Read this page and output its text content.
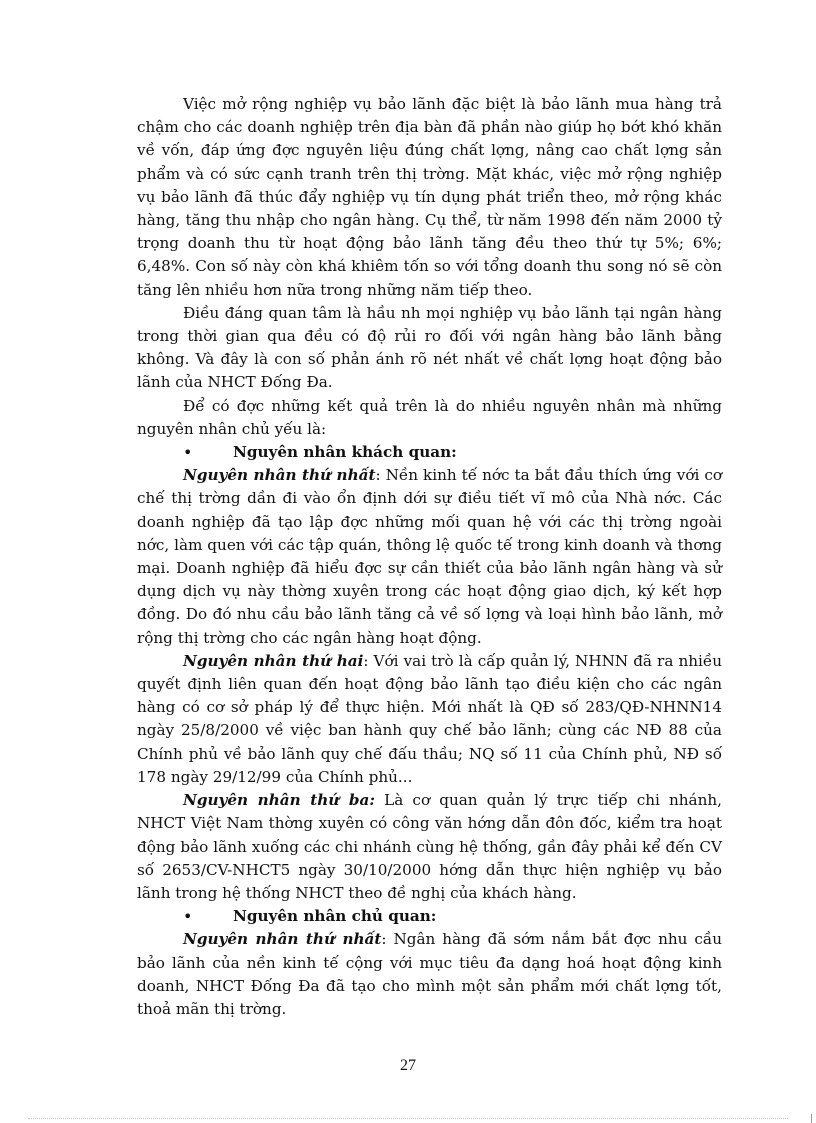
Việc mở rộng nghiệp vụ bảo lãnh đặc biệt là bảo lãnh mua hàng trả chậm cho các doanh nghiệp trên địa bàn đã phần nào giúp họ bớt khó khăn về vốn, đáp ứng đợc nguyên liệu đúng chất lợng, nâng cao chất lợng sản phẩm và có sức cạnh tranh trên thị trờng. Mặt khác, việc mở rộng nghiệp vụ bảo lãnh đã thúc đẩy nghiệp vụ tín dụng phát triển theo, mở rộng khác hàng, tăng thu nhập cho ngân hàng. Cụ thể, từ năm 1998 đến năm 2000 tỷ trọng doanh thu từ hoạt động bảo lãnh tăng đều theo thứ tự 5%; 6%; 6,48%. Con số này còn khá khiêm tốn so với tổng doanh thu song nó sẽ còn tăng lên nhiều hơn nữa trong những năm tiếp theo.

Điều đáng quan tâm là hầu nh mọi nghiệp vụ bảo lãnh tại ngân hàng trong thời gian qua đều có độ rủi ro đối với ngân hàng bảo lãnh bằng không. Và đây là con số phản ánh rõ nét nhất về chất lợng hoạt động bảo lãnh của NHCT Đống Đa.

Để có đợc những kết quả trên là do nhiều nguyên nhân mà những nguyên nhân chủ yếu là:

•	Nguyên nhân khách quan:

Nguyên nhân thứ nhất: Nền kinh tế nớc ta bắt đầu thích ứng với cơ chế thị trờng dần đi vào ổn định dới sự điều tiết vĩ mô của Nhà nớc. Các doanh nghiệp đã tạo lập đợc những mối quan hệ với các thị trờng ngoài nớc, làm quen với các tập quán, thông lệ quốc tế trong kinh doanh và thơng mại. Doanh nghiệp đã hiểu đợc sự cần thiết của bảo lãnh ngân hàng và sử dụng dịch vụ này thờng xuyên trong các hoạt động giao dịch, ký kết hợp đồng. Do đó nhu cầu bảo lãnh tăng cả về số lợng và loại hình bảo lãnh, mở rộng thị trờng cho các ngân hàng hoạt động.

Nguyên nhân thứ hai: Với vai trò là cấp quản lý, NHNN đã ra nhiều quyết định liên quan đến hoạt động bảo lãnh tạo điều kiện cho các ngân hàng có cơ sở pháp lý để thực hiện. Mới nhất là QĐ số 283/QĐ-NHNN14 ngày 25/8/2000 về việc ban hành quy chế bảo lãnh; cùng các NĐ 88 của Chính phủ về bảo lãnh quy chế đấu thầu; NQ số 11 của Chính phủ, NĐ số 178 ngày 29/12/99 của Chính phủ...

Nguyên nhân thứ ba: Là cơ quan quản lý trực tiếp chi nhánh, NHCT Việt Nam thờng xuyên có công văn hớng dẫn đôn đốc, kiểm tra hoạt động bảo lãnh xuống các chi nhánh cùng hệ thống, gần đây phải kể đến CV số 2653/CV-NHCT5 ngày 30/10/2000 hớng dẫn thực hiện nghiệp vụ bảo lãnh trong hệ thống NHCT theo đề nghị của khách hàng.

•	Nguyên nhân chủ quan:

Nguyên nhân thứ nhất: Ngân hàng đã sớm nắm bắt đợc nhu cầu bảo lãnh của nền kinh tế cộng với mục tiêu đa dạng hoá hoạt động kinh doanh, NHCT Đống Đa đã tạo cho mình một sản phẩm mới chất lợng tốt, thoả mãn thị trờng.

27
